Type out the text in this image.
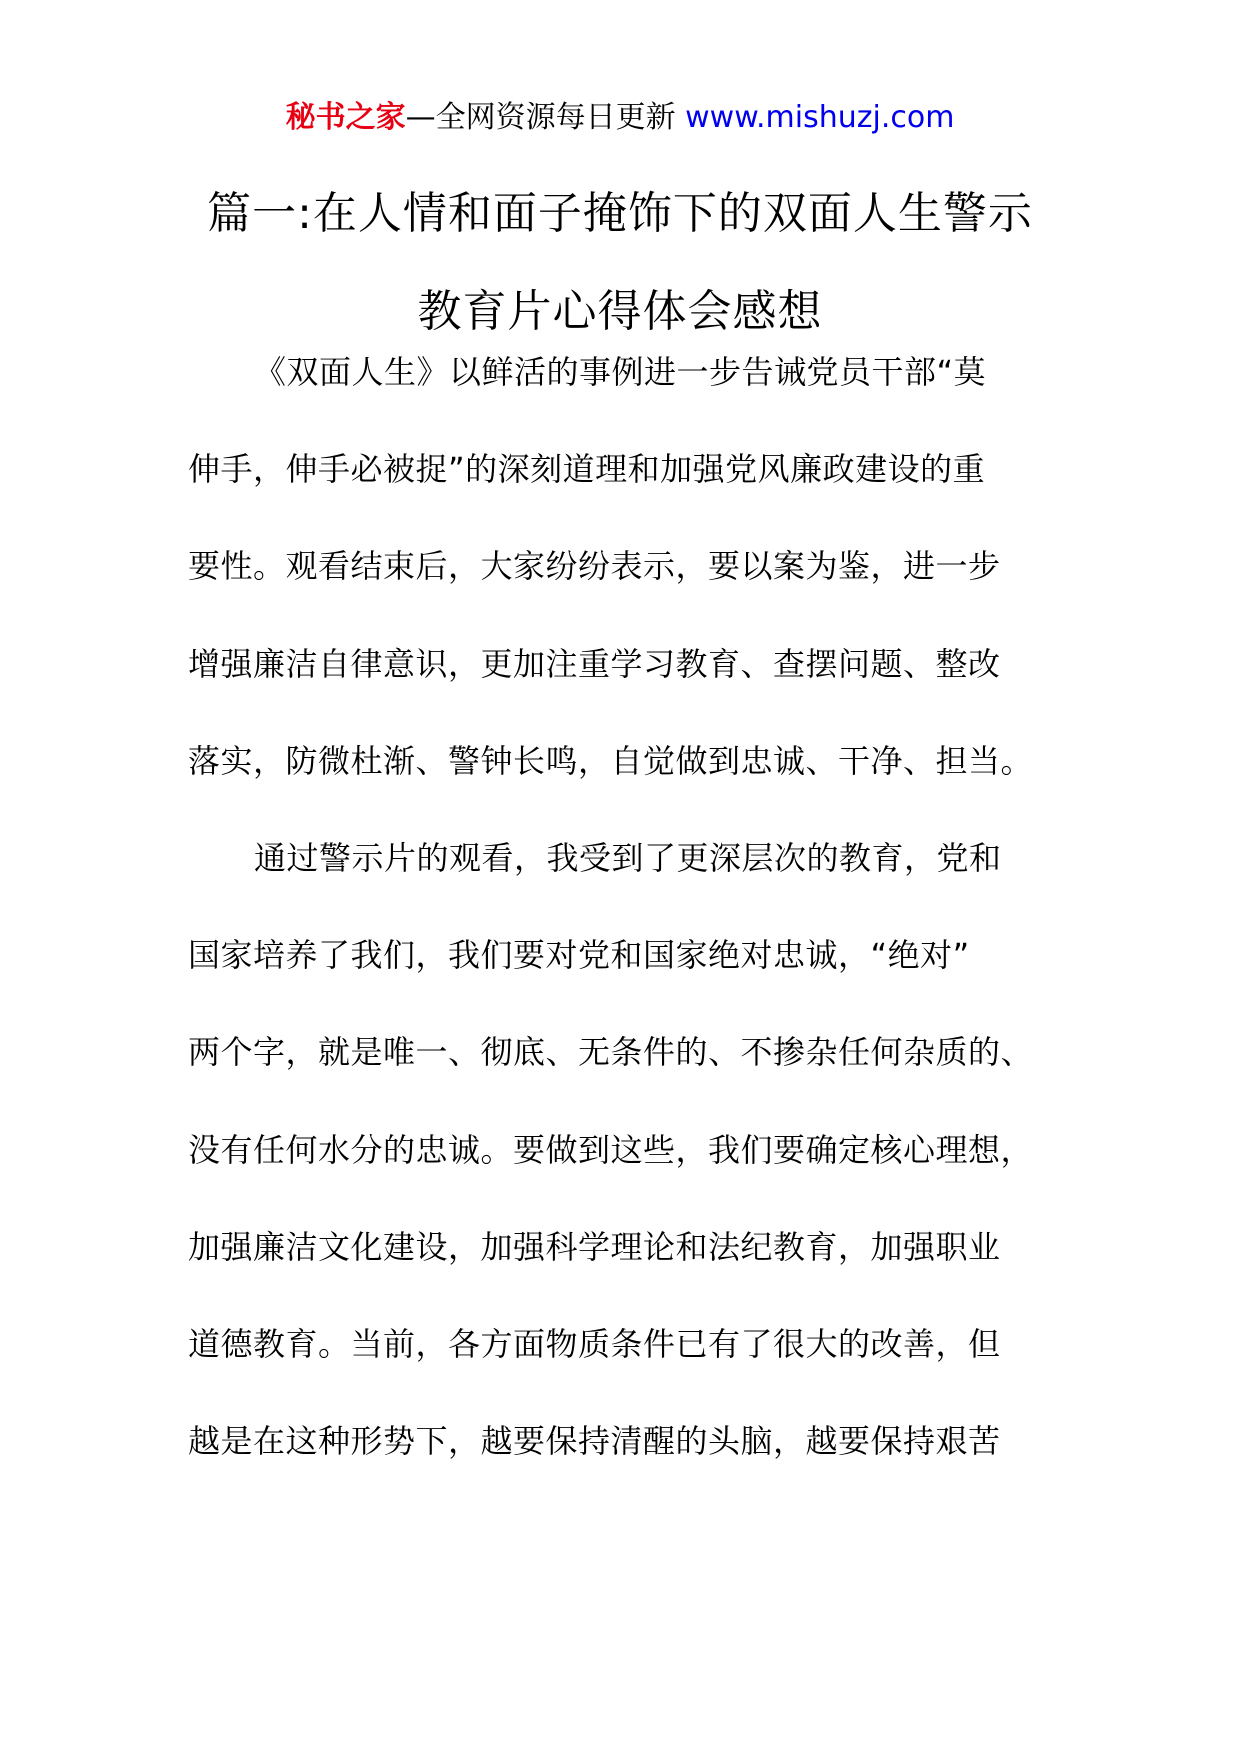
秘书之家—全网资源每日更新 www.mishuzj.com
篇一:在人情和面子掩饰下的双面人生警示
教育片心得体会感想
《双面人生》以鲜活的事例进一步告诫党员干部“莫
伸手，伸手必被捉”的深刻道理和加强党风廉政建设的重
要性。观看结束后，大家纷纷表示，要以案为鉴，进一步
增强廉洁自律意识，更加注重学习教育、查摆问题、整改
落实，防微杜渐、警钟长鸣，自觉做到忠诚、干净、担当。
通过警示片的观看，我受到了更深层次的教育，党和
国家培养了我们，我们要对党和国家绝对忠诚，“绝对”
两个字，就是唯一、彻底、无条件的、不掺杂任何杂质的、
没有任何水分的忠诚。要做到这些，我们要确定核心理想，
加强廉洁文化建设，加强科学理论和法纪教育，加强职业
道德教育。当前，各方面物质条件已有了很大的改善，但
越是在这种形势下，越要保持清醒的头脑，越要保持艰苦
